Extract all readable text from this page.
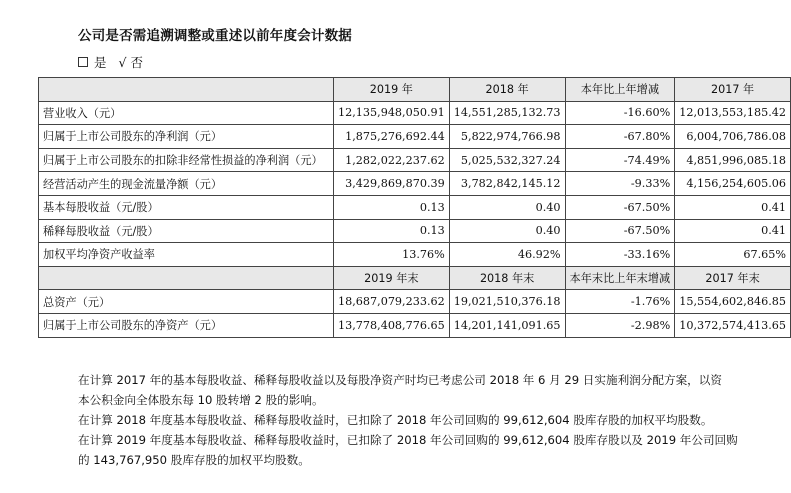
公司是否需追溯调整或重述以前年度会计数据
是 √ 否
	2019 年	2018 年	本年比上年增减	2017 年
营业收入（元）	12,135,948,050.91	14,551,285,132.73	-16.60%	12,013,553,185.42
归属于上市公司股东的净利润（元）	1,875,276,692.44	5,822,974,766.98	-67.80%	6,004,706,786.08
归属于上市公司股东的扣除非经常性损益的净利润（元）	1,282,022,237.62	5,025,532,327.24	-74.49%	4,851,996,085.18
经营活动产生的现金流量净额（元）	3,429,869,870.39	3,782,842,145.12	-9.33%	4,156,254,605.06
基本每股收益（元/股）	0.13	0.40	-67.50%	0.41
稀释每股收益（元/股）	0.13	0.40	-67.50%	0.41
加权平均净资产收益率	13.76%	46.92%	-33.16%	67.65%
	2019 年末	2018 年末	本年末比上年末增减	2017 年末
总资产（元）	18,687,079,233.62	19,021,510,376.18	-1.76%	15,554,602,846.85
归属于上市公司股东的净资产（元）	13,778,408,776.65	14,201,141,091.65	-2.98%	10,372,574,413.65
在计算 2017 年的基本每股收益、稀释每股收益以及每股净资产时均已考虑公司 2018 年 6 月 29 日实施利润分配方案，以资
本公积金向全体股东每 10 股转增 2 股的影响。
在计算 2018 年度基本每股收益、稀释每股收益时，已扣除了 2018 年公司回购的 99,612,604 股库存股的加权平均股数。
在计算 2019 年度基本每股收益、稀释每股收益时，已扣除了 2018 年公司回购的 99,612,604 股库存股以及 2019 年公司回购
的 143,767,950 股库存股的加权平均股数。
